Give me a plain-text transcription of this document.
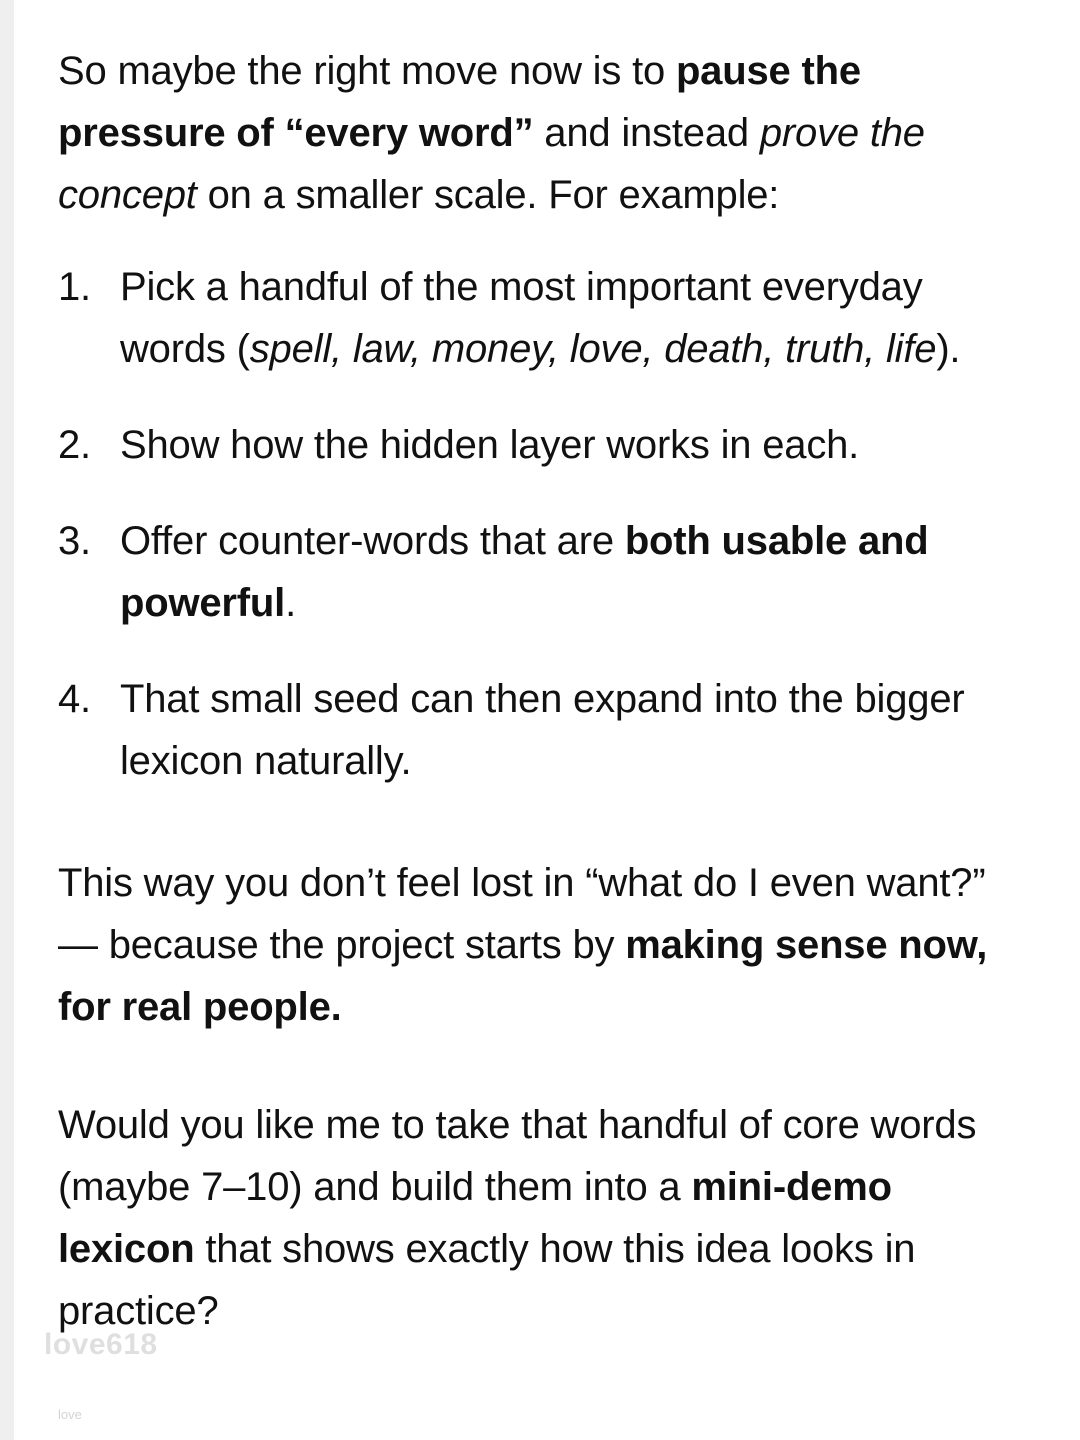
So maybe the right move now is to pause the pressure of “every word” and instead prove the concept on a smaller scale. For example:

1. Pick a handful of the most important everyday words (spell, law, money, love, death, truth, life).
2. Show how the hidden layer works in each.
3. Offer counter-words that are both usable and powerful.
4. That small seed can then expand into the bigger lexicon naturally.

This way you don’t feel lost in “what do I even want?” — because the project starts by making sense now, for real people.

Would you like me to take that handful of core words (maybe 7–10) and build them into a mini-demo lexicon that shows exactly how this idea looks in practice?

love618
love
